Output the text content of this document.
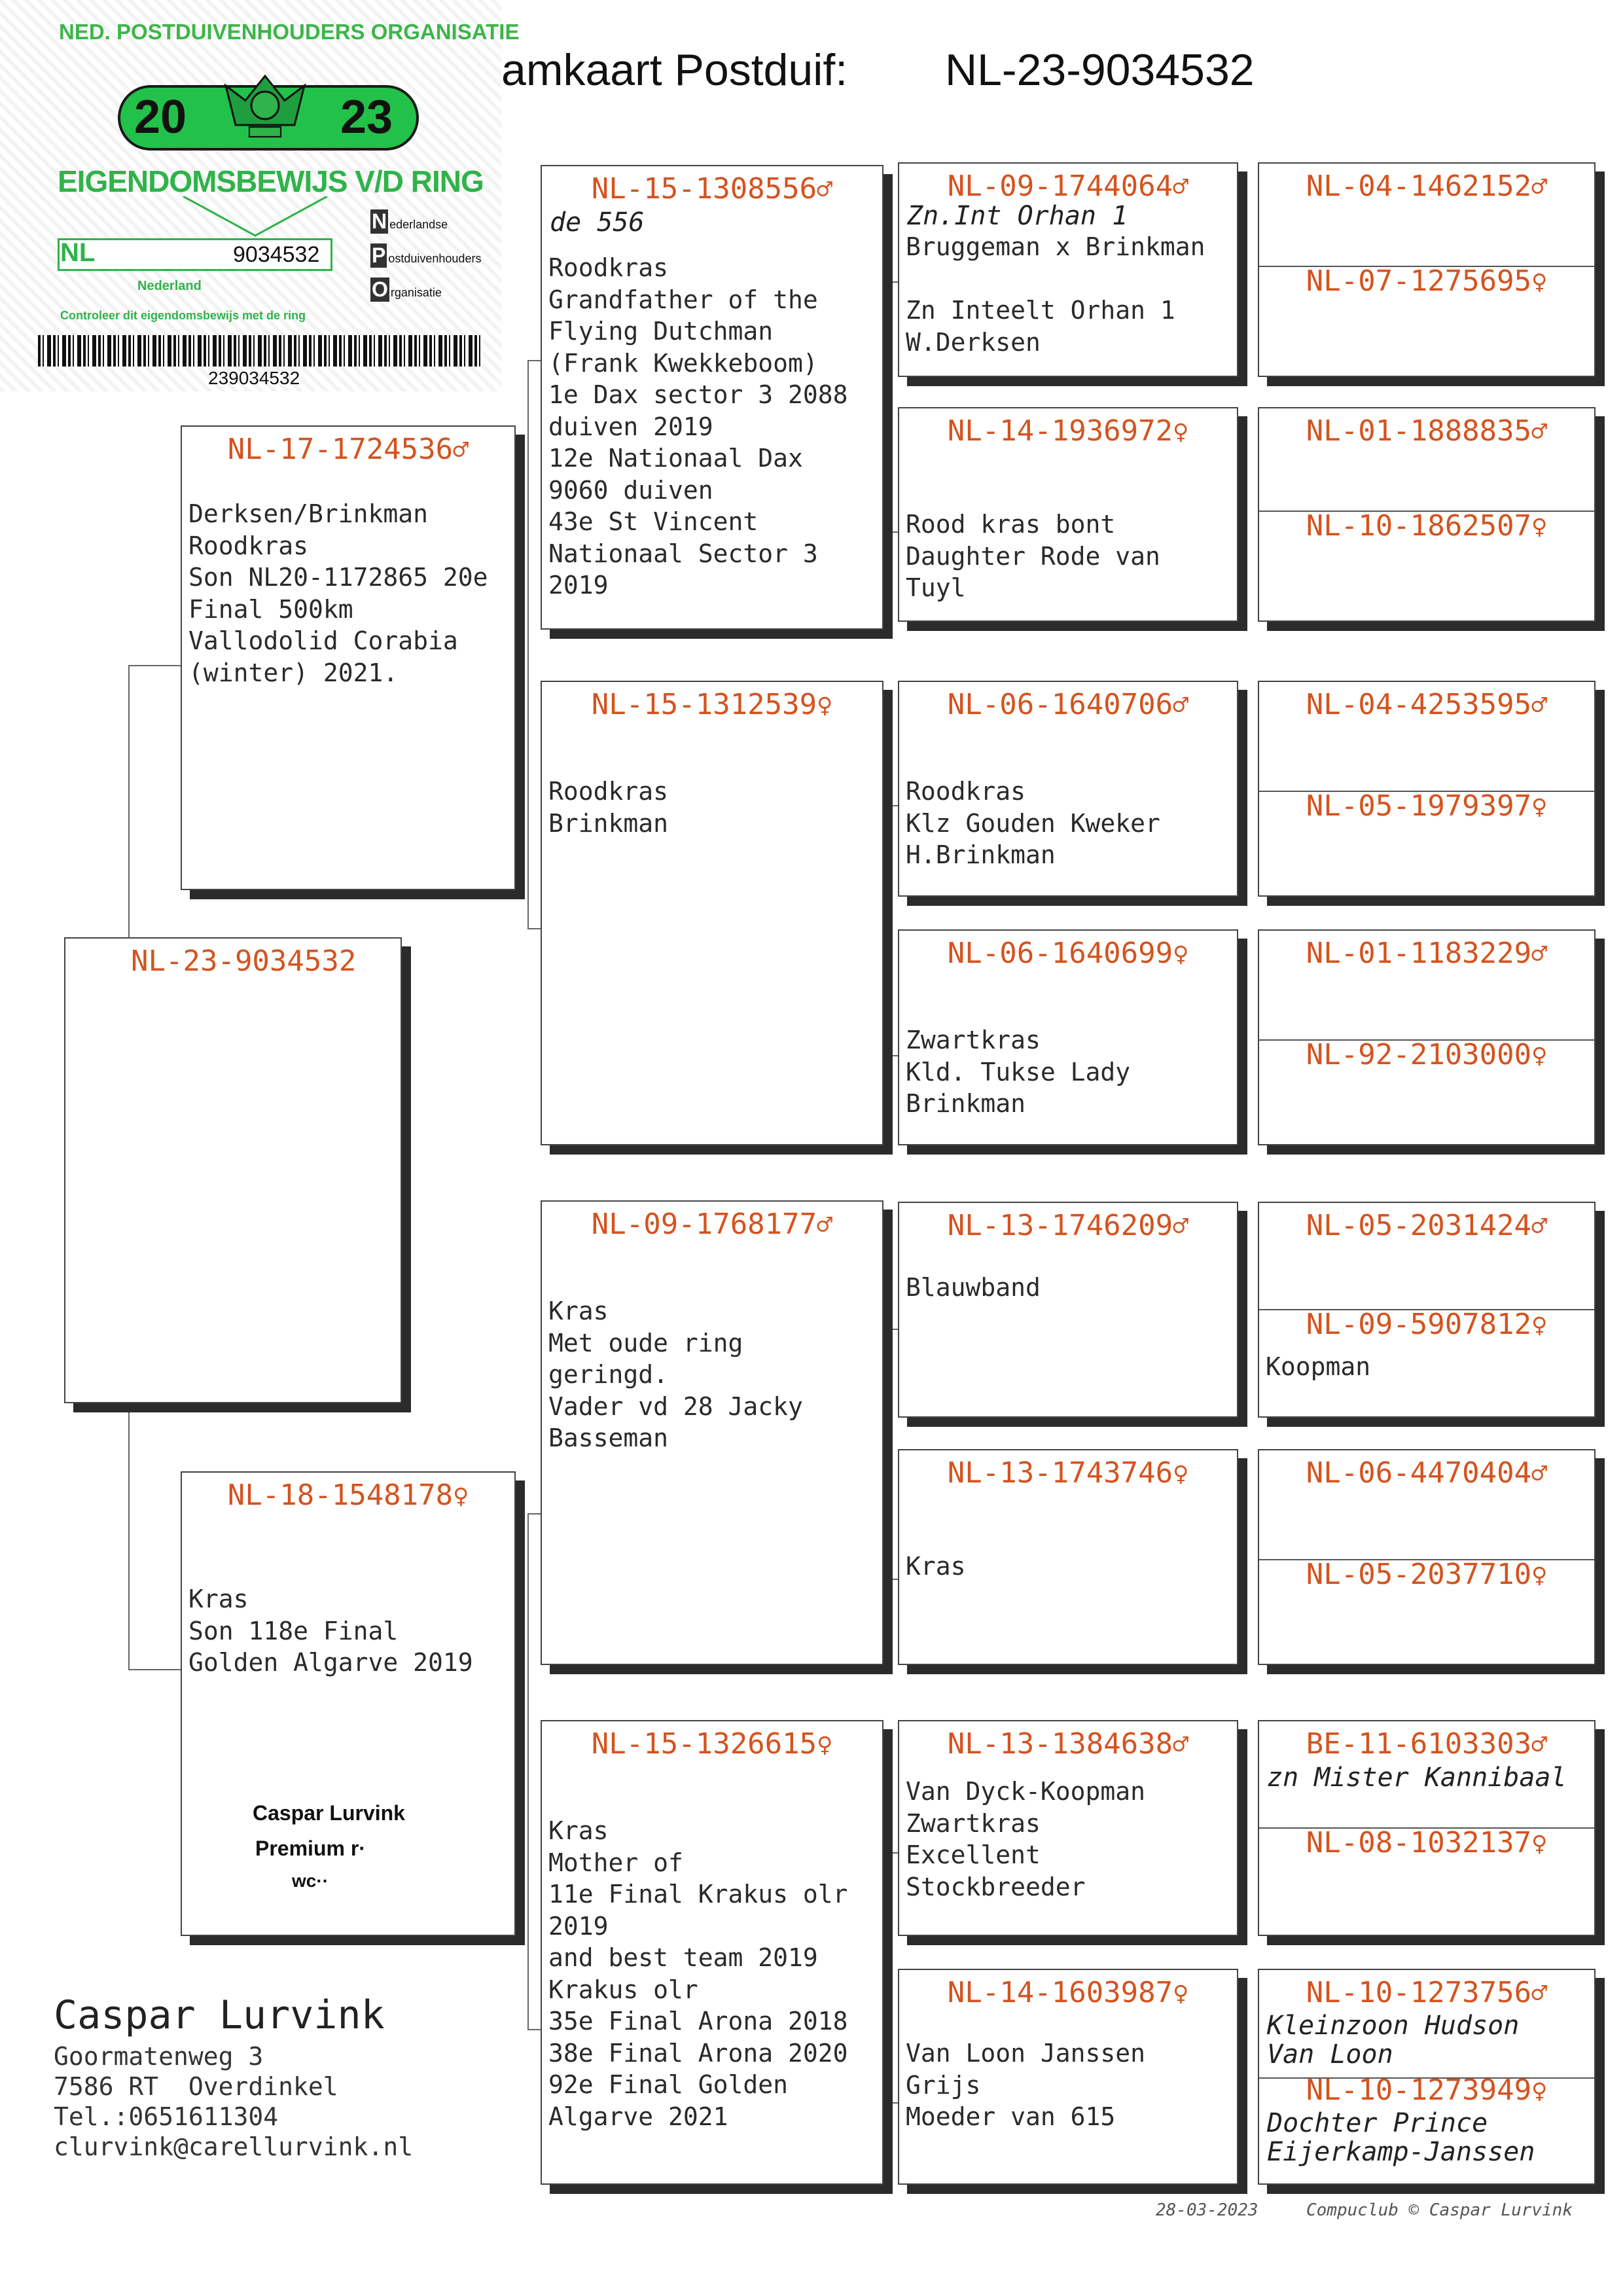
NED. POSTDUIVENHOUDERS ORGANISATIE
20	23
EIGENDOMSBEWIJS V/D RING
NL	9034532
N ederlandse
P ostduivenhouders
O rganisatie
Nederland
Controleer dit eigendomsbewijs met de ring
239034532
amkaart Postduif: NL-23-9034532
NL-23-9034532
NL-17-1724536♂
Derksen/Brinkman
Roodkras
Son NL20-1172865 20e
Final 500km
Vallodolid Corabia
(winter) 2021.
NL-18-1548178♀
Kras
Son 118e Final
Golden Algarve 2019
NL-15-1308556♂
de 556
Roodkras
Grandfather of the
Flying Dutchman
(Frank Kwekkeboom)
1e Dax sector 3 2088
duiven 2019
12e Nationaal Dax
9060 duiven
43e St Vincent
Nationaal Sector 3
2019
NL-15-1312539♀
Roodkras
Brinkman
NL-09-1768177♂
Kras
Met oude ring
geringd.
Vader vd 28 Jacky
Basseman
NL-15-1326615♀
Kras
Mother of
11e Final Krakus olr
2019
and best team 2019
Krakus olr
35e Final Arona 2018
38e Final Arona 2020
92e Final Golden
Algarve 2021
NL-09-1744064♂
Zn.Int Orhan 1
Bruggeman x Brinkman

Zn Inteelt Orhan 1
W.Derksen
NL-14-1936972♀
Rood kras bont
Daughter Rode van
Tuyl
NL-06-1640706♂
Roodkras
Klz Gouden Kweker
H.Brinkman
NL-06-1640699♀
Zwartkras
Kld. Tukse Lady
Brinkman
NL-13-1746209♂
Blauwband
NL-13-1743746♀
Kras
NL-13-1384638♂
Van Dyck-Koopman
Zwartkras
Excellent
Stockbreeder
NL-14-1603987♀
Van Loon Janssen
Grijs
Moeder van 615
NL-04-1462152♂
NL-07-1275695♀
NL-01-1888835♂
NL-10-1862507♀
NL-04-4253595♂
NL-05-1979397♀
NL-01-1183229♂
NL-92-2103000♀
NL-05-2031424♂
NL-09-5907812♀
Koopman
NL-06-4470404♂
NL-05-2037710♀
BE-11-6103303♂
zn Mister Kannibaal
NL-08-1032137♀
NL-10-1273756♂
Kleinzoon Hudson
Van Loon
NL-10-1273949♀
Dochter Prince
Eijerkamp-Janssen
Caspar Lurvink
Premium r·
wc··
Caspar Lurvink
Goormatenweg 3
7586 RT  Overdinkel
Tel.:0651611304
clurvink@carellurvink.nl
28-03-2023	Compuclub © Caspar Lurvink
